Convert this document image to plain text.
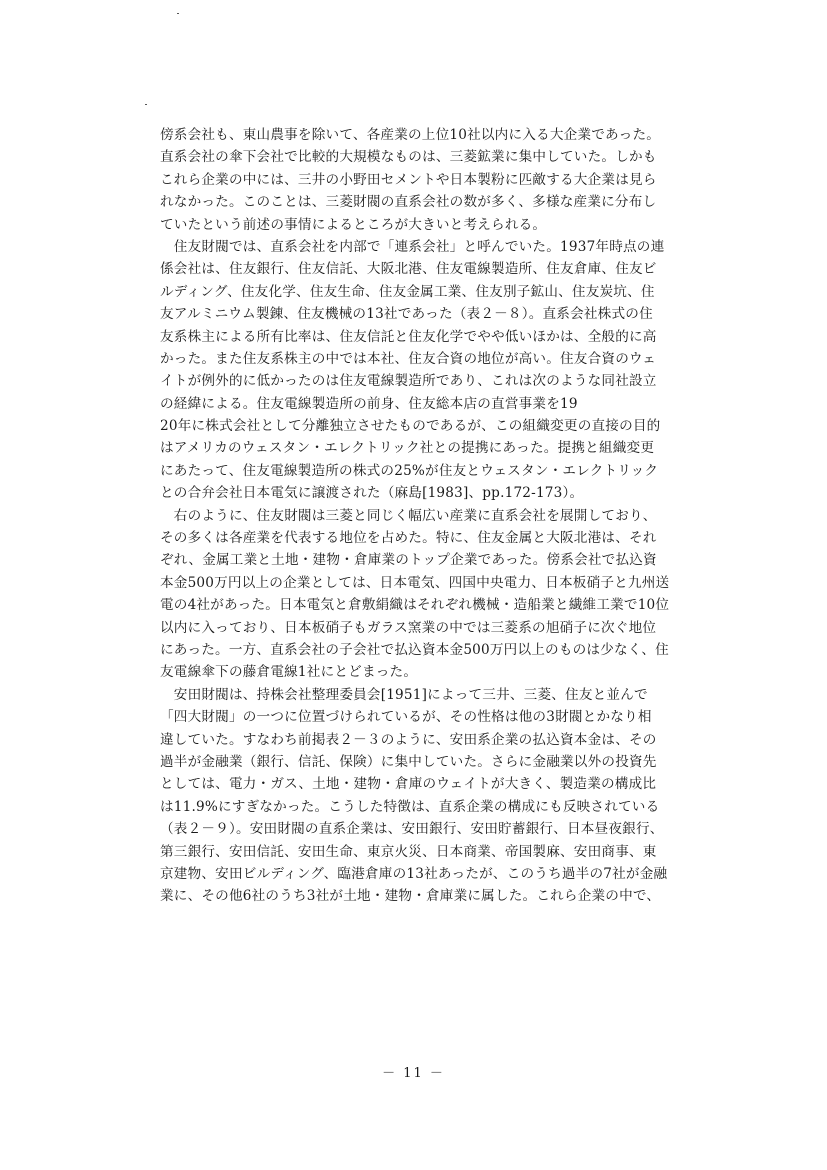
傍系会社も、東山農事を除いて、各産業の上位10社以内に入る大企業であった。
直系会社の傘下会社で比較的大規模なものは、三菱鉱業に集中していた。しかも
これら企業の中には、三井の小野田セメントや日本製粉に匹敵する大企業は見ら
れなかった。このことは、三菱財閥の直系会社の数が多く、多様な産業に分布し
ていたという前述の事情によるところが大きいと考えられる。
　住友財閥では、直系会社を内部で「連系会社」と呼んでいた。1937年時点の連
係会社は、住友銀行、住友信託、大阪北港、住友電線製造所、住友倉庫、住友ビ
ルディング、住友化学、住友生命、住友金属工業、住友別子鉱山、住友炭坑、住
友アルミニウム製錬、住友機械の13社であった（表２－８）。直系会社株式の住
友系株主による所有比率は、住友信託と住友化学でやや低いほかは、全般的に高
かった。また住友系株主の中では本社、住友合資の地位が高い。住友合資のウェ
イトが例外的に低かったのは住友電線製造所であり、これは次のような同社設立
の経緯による。住友電線製造所の前身、住友総本店の直営事業を19
20年に株式会社として分離独立させたものであるが、この組織変更の直接の目的
はアメリカのウェスタン・エレクトリック社との提携にあった。提携と組織変更
にあたって、住友電線製造所の株式の25%が住友とウェスタン・エレクトリック
との合弁会社日本電気に譲渡された（麻島[1983]、pp.172-173）。
　右のように、住友財閥は三菱と同じく幅広い産業に直系会社を展開しており、
その多くは各産業を代表する地位を占めた。特に、住友金属と大阪北港は、それ
ぞれ、金属工業と土地・建物・倉庫業のトップ企業であった。傍系会社で払込資
本金500万円以上の企業としては、日本電気、四国中央電力、日本板硝子と九州送
電の4社があった。日本電気と倉敷絹織はそれぞれ機械・造船業と繊維工業で10位
以内に入っており、日本板硝子もガラス窯業の中では三菱系の旭硝子に次ぐ地位
にあった。一方、直系会社の子会社で払込資本金500万円以上のものは少なく、住
友電線傘下の藤倉電線1社にとどまった。
　安田財閥は、持株会社整理委員会[1951]によって三井、三菱、住友と並んで
「四大財閥」の一つに位置づけられているが、その性格は他の3財閥とかなり相
違していた。すなわち前掲表２－３のように、安田系企業の払込資本金は、その
過半が金融業（銀行、信託、保険）に集中していた。さらに金融業以外の投資先
としては、電力・ガス、土地・建物・倉庫のウェイトが大きく、製造業の構成比
は11.9%にすぎなかった。こうした特徴は、直系企業の構成にも反映されている
（表２－９）。安田財閥の直系企業は、安田銀行、安田貯蓄銀行、日本昼夜銀行、
第三銀行、安田信託、安田生命、東京火災、日本商業、帝国製麻、安田商事、東
京建物、安田ビルディング、臨港倉庫の13社あったが、このうち過半の7社が金融
業に、その他6社のうち3社が土地・建物・倉庫業に属した。これら企業の中で、
－ 11 －
